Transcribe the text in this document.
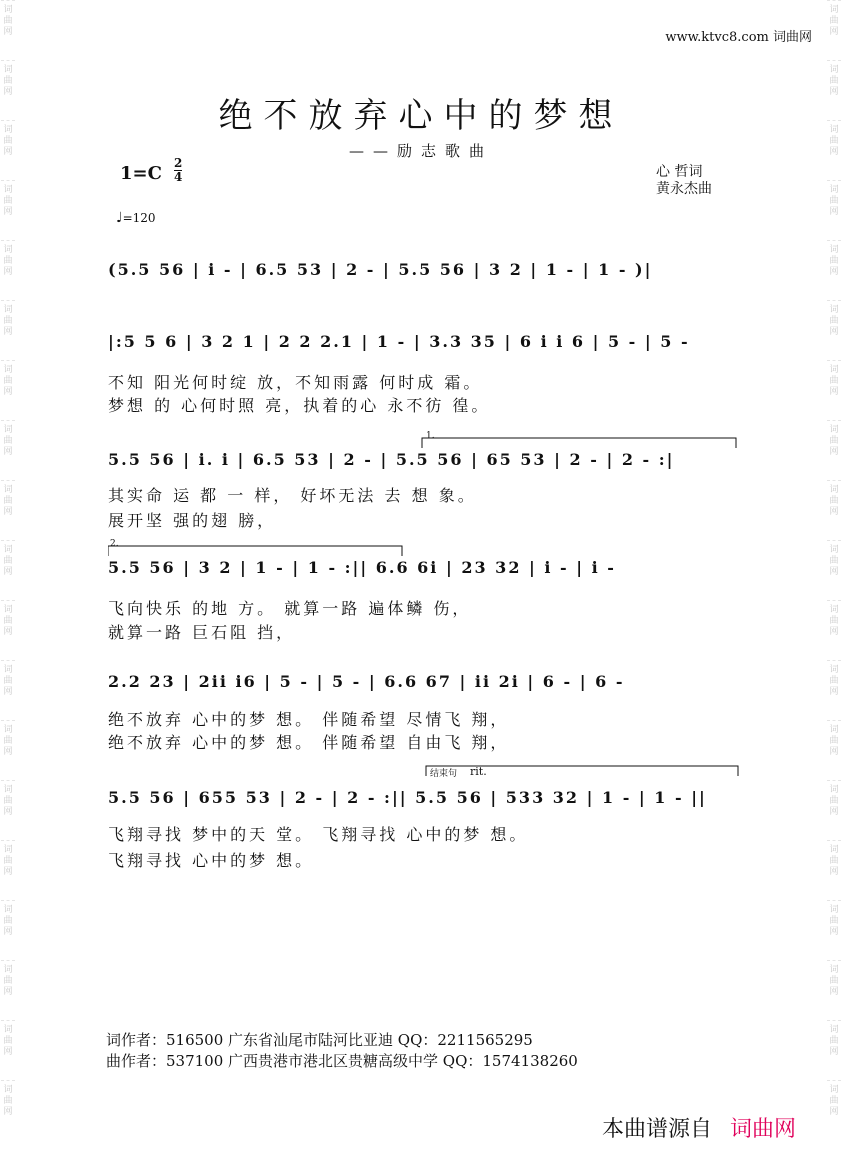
词
曲
网
词
曲
网
词
曲
网
词
曲
网
词
曲
网
词
曲
网
词
曲
网
词
曲
网
词
曲
网
词
曲
网
词
曲
网
词
曲
网
词
曲
网
词
曲
网
词
曲
网
词
曲
网
词
曲
网
词
曲
网
词
曲
网
词
曲
网
词
曲
网
词
曲
网
词
曲
网
词
曲
网
词
曲
网
词
曲
网
词
曲
网
词
曲
网
词
曲
网
词
曲
网
词
曲
网
词
曲
网
词
曲
网
词
曲
网
词
曲
网
词
曲
网
词
曲
网
词
曲
网
www.ktvc8.com 词曲网
绝不放弃心中的梦想
——励志歌曲
1=C 2
4	心 哲词
黄永杰曲
♩=120
(5.5 56 | i - | 6.5 53 | 2 - | 5.5 56 | 3 2 | 1 - | 1 - )|
|:5 5 6 | 3 2 1 | 2 2 2.1 | 1 - | 3.3 35 | 6 i i 6 | 5 - | 5 -
不知 阳光何时绽 放，不知雨露 何时成 霜。
梦想 的 心何时照 亮，执着的心 永不彷 徨。
1.
5.5 56 | i. i | 6.5 53 | 2 - | 5.5 56 | 65 53 | 2 - | 2 - :|
其实命 运 都 一 样， 好坏无法 去 想 象。
展开坚 强的翅 膀，
2.
5.5 56 | 3 2 | 1 - | 1 - :|| 6.6 6i | 23 32 | i - | i -
飞向快乐 的地 方。 就算一路 遍体鳞 伤，
就算一路 巨石阻 挡，
2.2 23 | 2ii i6 | 5 - | 5 - | 6.6 67 | ii 2i | 6 - | 6 -
绝不放弃 心中的梦 想。 伴随希望 尽情飞 翔，
绝不放弃 心中的梦 想。 伴随希望 自由飞 翔，
结束句 rit.
5.5 56 | 655 53 | 2 - | 2 - :|| 5.5 56 | 533 32 | 1 - | 1 - ||
飞翔寻找 梦中的天 堂。 飞翔寻找 心中的梦 想。
飞翔寻找 心中的梦 想。
词作者：516500 广东省汕尾市陆河比亚迪 QQ：2211565295
曲作者：537100 广西贵港市港北区贵糖高级中学 QQ：1574138260
本曲谱源自 词曲网
